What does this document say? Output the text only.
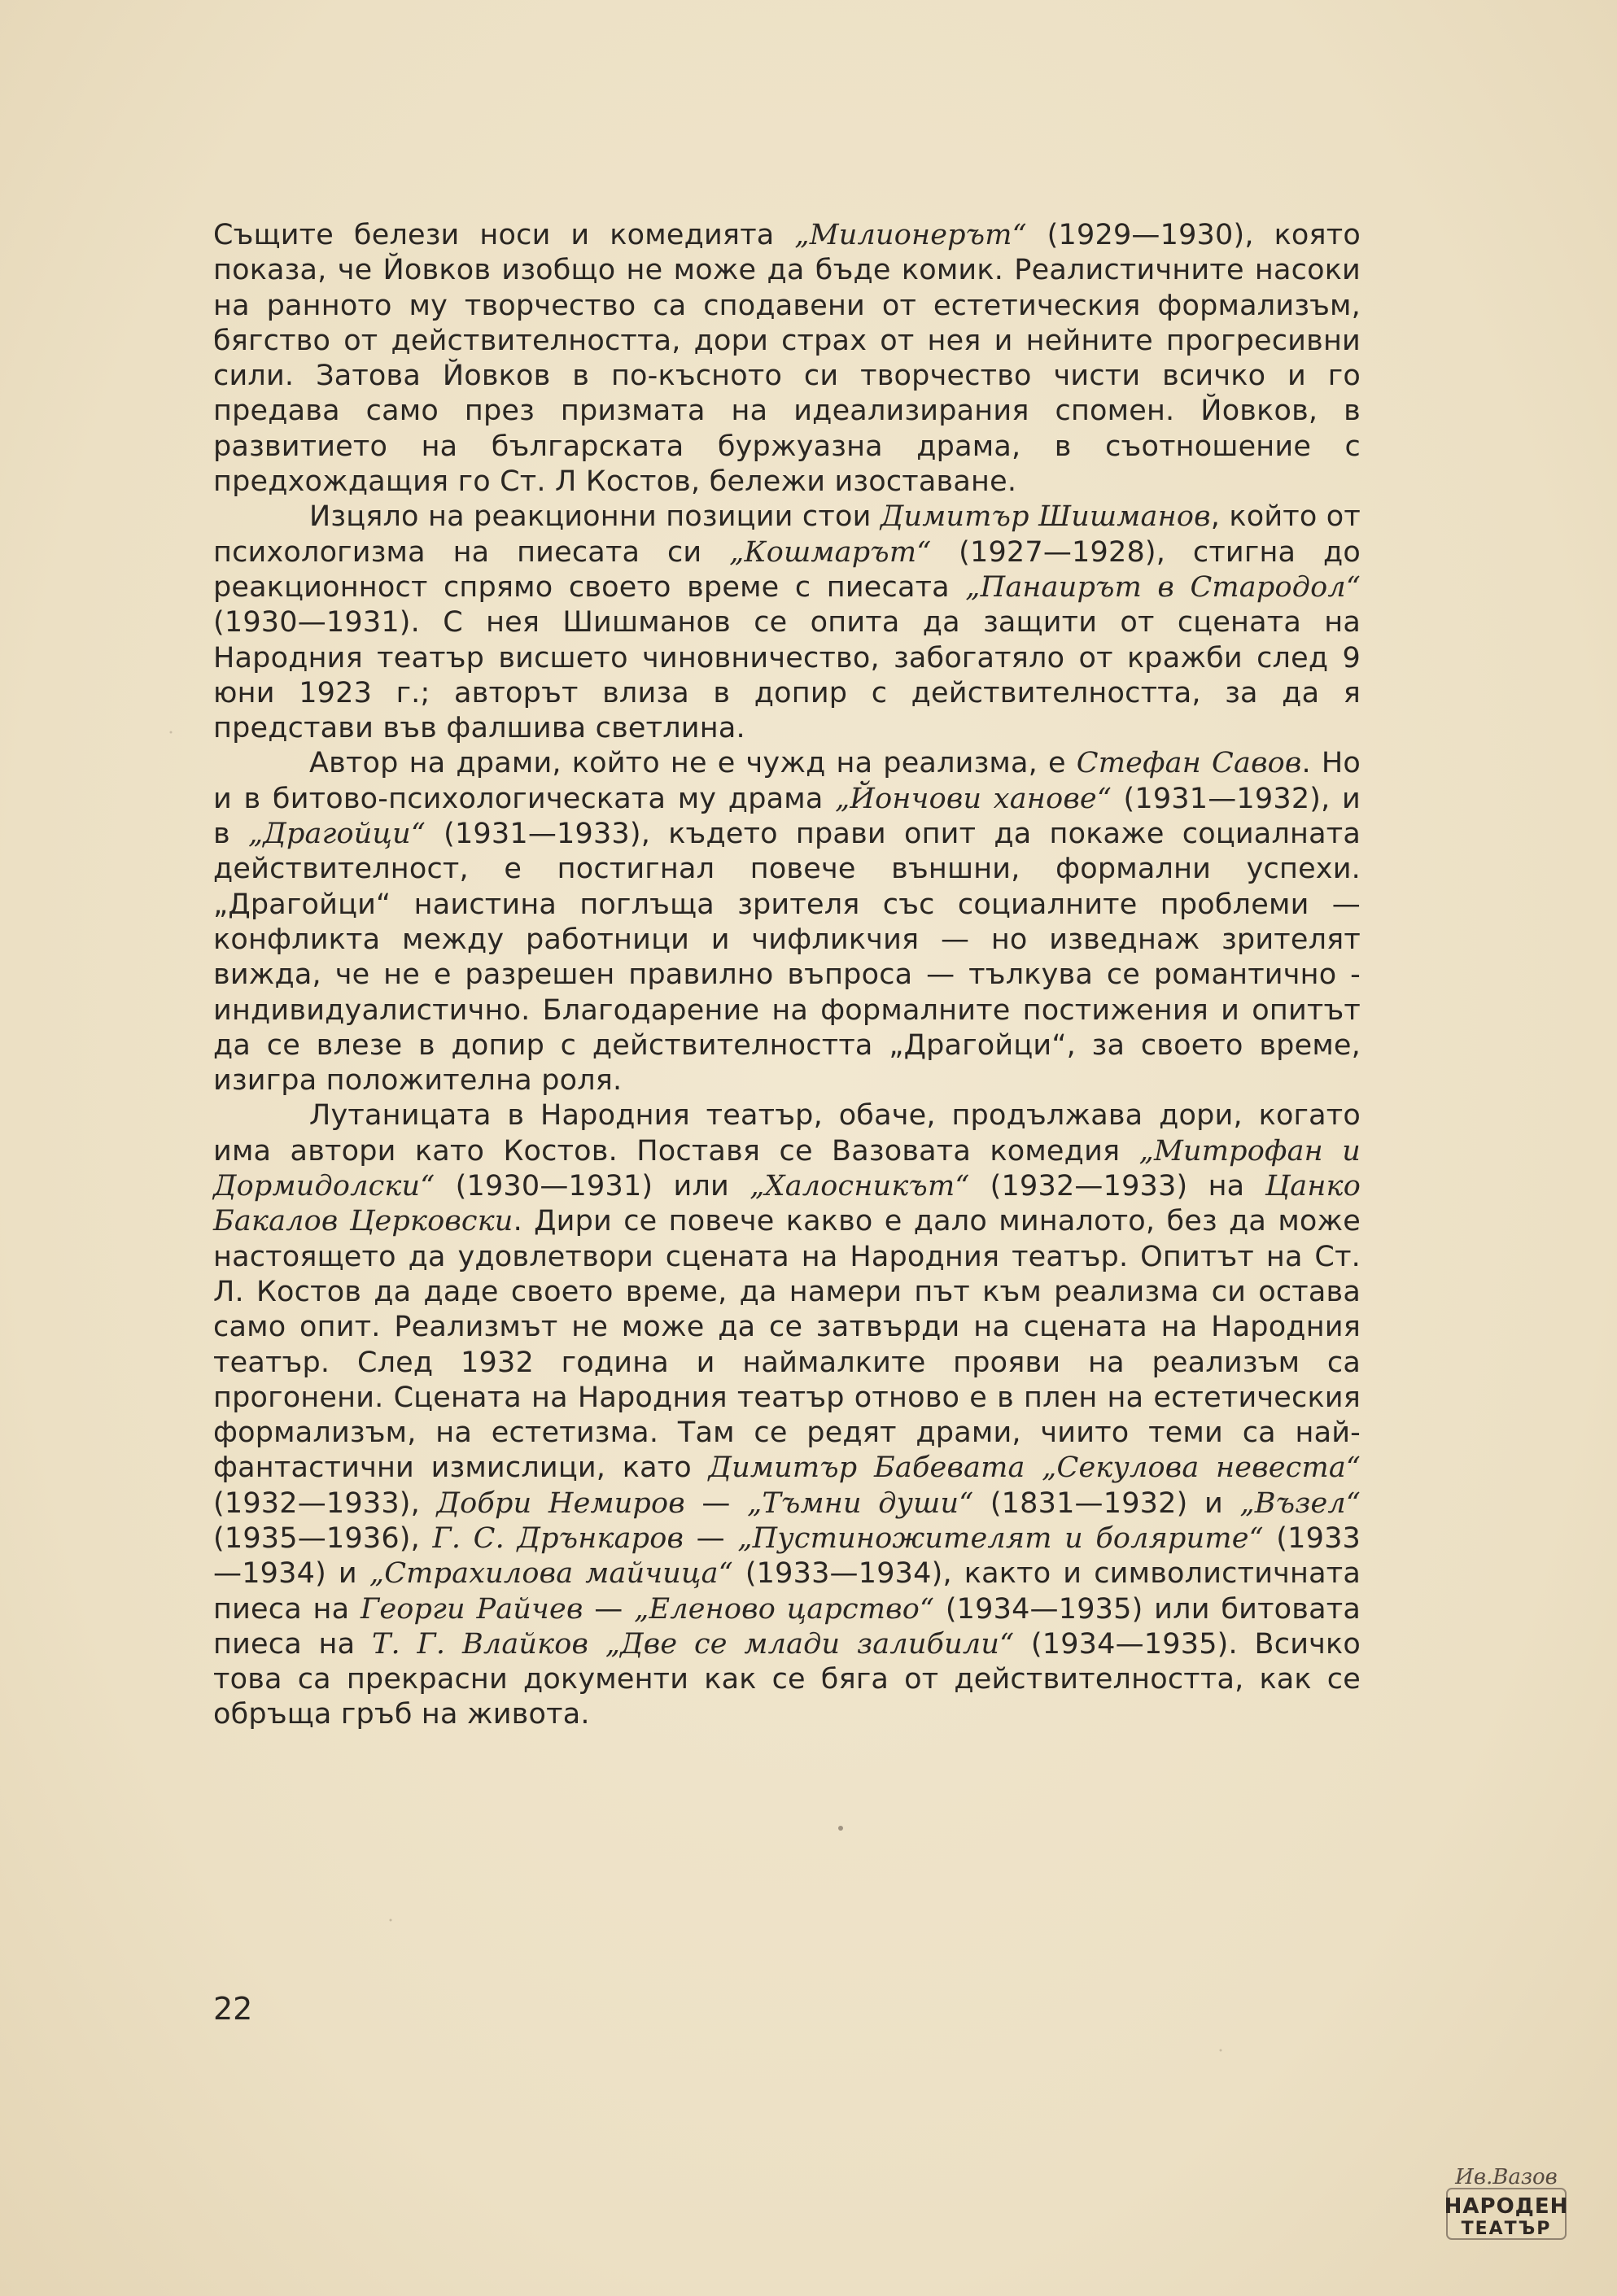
Същите белези носи и комедията „Милионерът“ (1929—1930), която показа, че Йовков изобщо не може да бъде комик. Реалистичните насоки на ранното му творчество са сподавени от естетическия формализъм, бягство от действителността, дори страх от нея и нейните прогресивни сили. Затова Йовков в по-късното си творчество чисти всичко и го предава само през призмата на идеализирания спомен. Йовков, в развитието на българската буржуазна драма, в съотношение с предхождащия го Ст. Л Костов, бележи изоставане.

Изцяло на реакционни позиции стои Димитър Шишманов, който от психологизма на пиесата си „Кошмарът“ (1927—1928), стигна до реакционност спрямо своето време с пиесата „Панаирът в Стародол“ (1930—1931). С нея Шишманов се опита да защити от сцената на Народния театър висшето чиновничество, забогатяло от кражби след 9 юни 1923 г.; авторът влиза в допир с действителността, за да я представи във фалшива светлина.

Автор на драми, който не е чужд на реализма, е Стефан Савов. Но и в битово-психологическата му драма „Йончови ханове“ (1931—1932), и в „Драгойци“ (1931—1933), където прави опит да покаже социалната действителност, е постигнал повече външни, формални успехи. „Драгойци“ наистина поглъща зрителя със социалните проблеми — конфликта между работници и чифликчия — но изведнаж зрителят вижда, че не е разрешен правилно въпроса — тълкува се романтично - индивидуалистично. Благодарение на формалните постижения и опитът да се влезе в допир с действителността „Драгойци“, за своето време, изигра положителна роля.

Лутаницата в Народния театър, обаче, продължава дори, когато има автори като Костов. Поставя се Вазовата комедия „Митрофан и Дормидолски“ (1930—1931) или „Халосникът“ (1932—1933) на Цанко Бакалов Церковски. Дири се повече какво е дало миналото, без да може настоящето да удовлетвори сцената на Народния театър. Опитът на Ст. Л. Костов да даде своето време, да намери път към реализма си остава само опит. Реализмът не може да се затвърди на сцената на Народния театър. След 1932 година и наймалките прояви на реализъм са прогонени. Сцената на Народния театър отново е в плен на естетическия формализъм, на естетизма. Там се редят драми, чиито теми са най-фантастични измислици, като Димитър Бабевата „Секулова невеста“ (1932—1933), Добри Немиров — „Тъмни души“ (1831—1932) и „Възел“ (1935—1936), Г. С. Дрънкаров — „Пустиножителят и болярите“ (1933—1934) и „Страхилова майчица“ (1933—1934), както и символистичната пиеса на Георги Райчев — „Еленово царство“ (1934—1935) или битовата пиеса на Т. Г. Влайков „Две се млади залибили“ (1934—1935). Всичко това са прекрасни документи как се бяга от действителността, как се обръща гръб на живота.

22
Ив.Вазов
НАРОДЕН
ТЕАТЪР
